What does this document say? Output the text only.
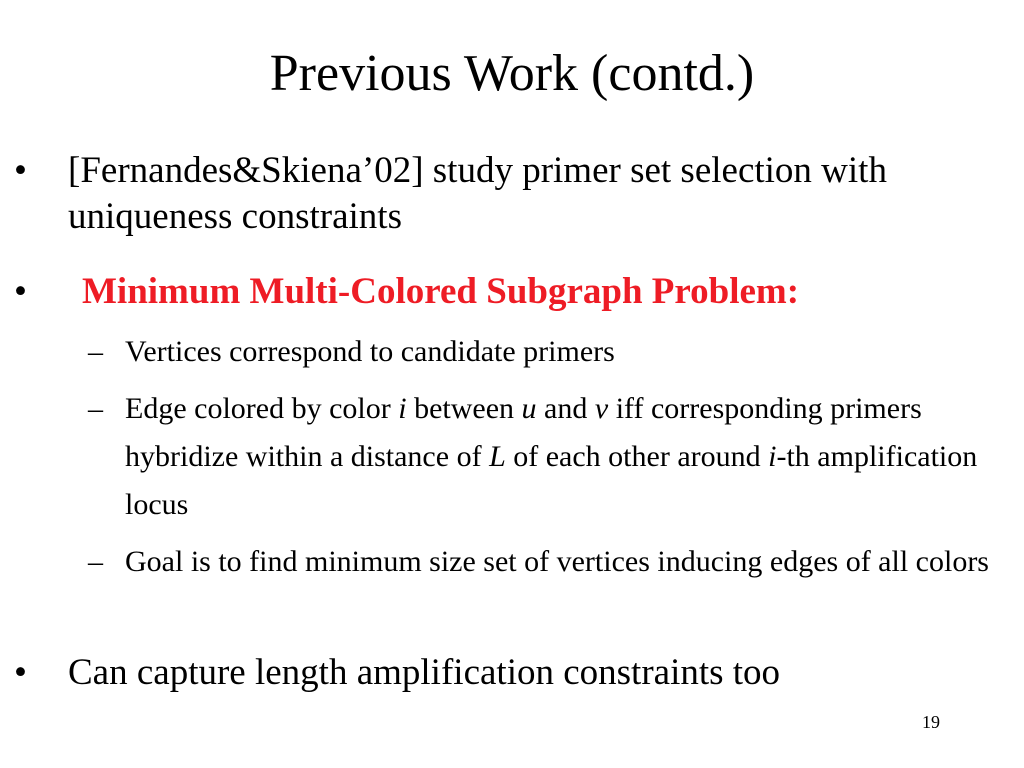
Previous Work (contd.)
• [Fernandes&Skiena’02] study primer set selection with uniqueness constraints
• Minimum Multi-Colored Subgraph Problem:
– Vertices correspond to candidate primers
– Edge colored by color i between u and v iff corresponding primers hybridize within a distance of L of each other around i-th amplification locus
– Goal is to find minimum size set of vertices inducing edges of all colors
• Can capture length amplification constraints too
19
